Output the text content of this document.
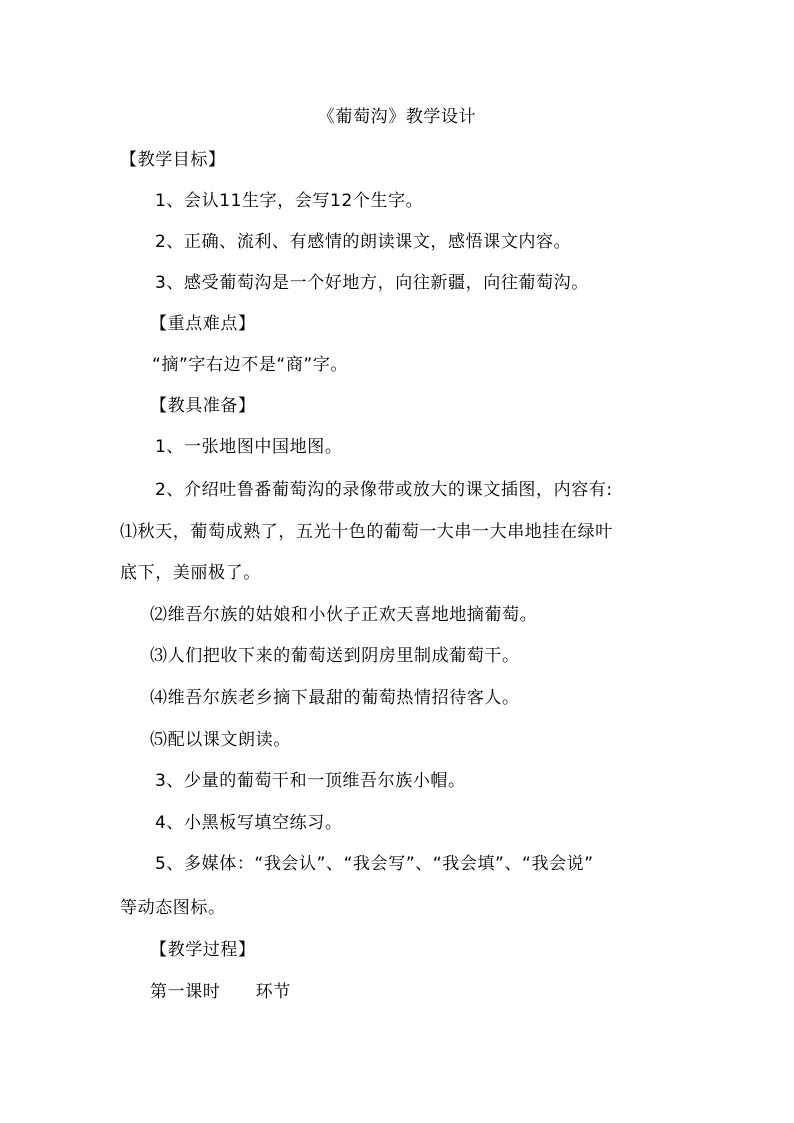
《葡萄沟》教学设计
【教学目标】
1、会认11生字，会写12个生字。
2、正确、流利、有感情的朗读课文，感悟课文内容。
3、感受葡萄沟是一个好地方，向往新疆，向往葡萄沟。
【重点难点】
“摘”字右边不是“商”字。
【教具准备】
1、一张地图中国地图。
2、介绍吐鲁番葡萄沟的录像带或放大的课文插图，内容有:
⑴秋天，葡萄成熟了，五光十色的葡萄一大串一大串地挂在绿叶
底下，美丽极了。
⑵维吾尔族的姑娘和小伙子正欢天喜地地摘葡萄。
⑶人们把收下来的葡萄送到阴房里制成葡萄干。
⑷维吾尔族老乡摘下最甜的葡萄热情招待客人。
⑸配以课文朗读。
3、少量的葡萄干和一顶维吾尔族小帽。
4、小黑板写填空练习。
5、多媒体：“我会认”、“我会写”、“我会填”、“我会说”
等动态图标。
【教学过程】
第一课时　　环节
